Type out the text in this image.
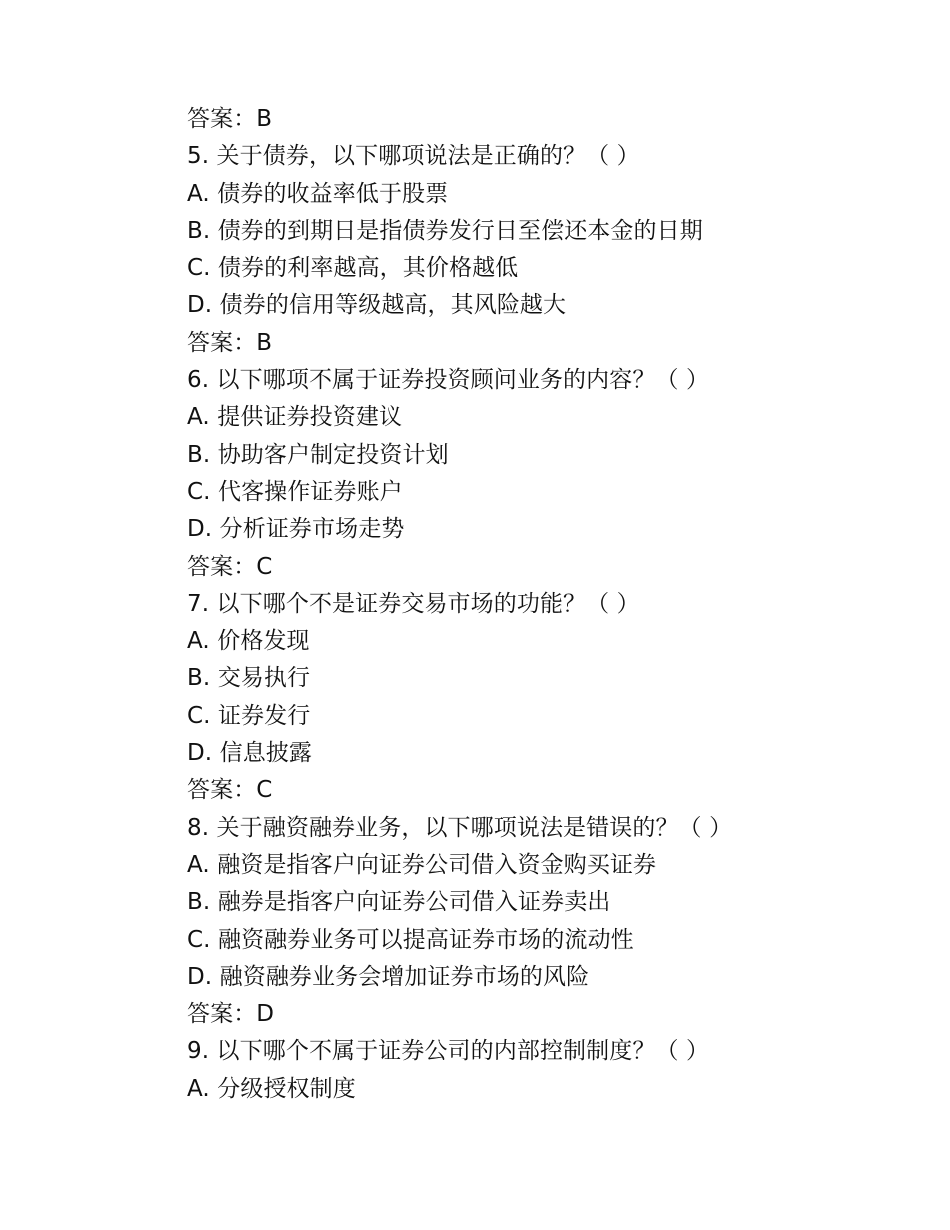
答案：B
5. 关于债券，以下哪项说法是正确的？（ ）
A. 债券的收益率低于股票
B. 债券的到期日是指债券发行日至偿还本金的日期
C. 债券的利率越高，其价格越低
D. 债券的信用等级越高，其风险越大
答案：B
6. 以下哪项不属于证券投资顾问业务的内容？（ ）
A. 提供证券投资建议
B. 协助客户制定投资计划
C. 代客操作证券账户
D. 分析证券市场走势
答案：C
7. 以下哪个不是证券交易市场的功能？（ ）
A. 价格发现
B. 交易执行
C. 证券发行
D. 信息披露
答案：C
8. 关于融资融券业务，以下哪项说法是错误的？（ ）
A. 融资是指客户向证券公司借入资金购买证券
B. 融券是指客户向证券公司借入证券卖出
C. 融资融券业务可以提高证券市场的流动性
D. 融资融券业务会增加证券市场的风险
答案：D
9. 以下哪个不属于证券公司的内部控制制度？（ ）
A. 分级授权制度
